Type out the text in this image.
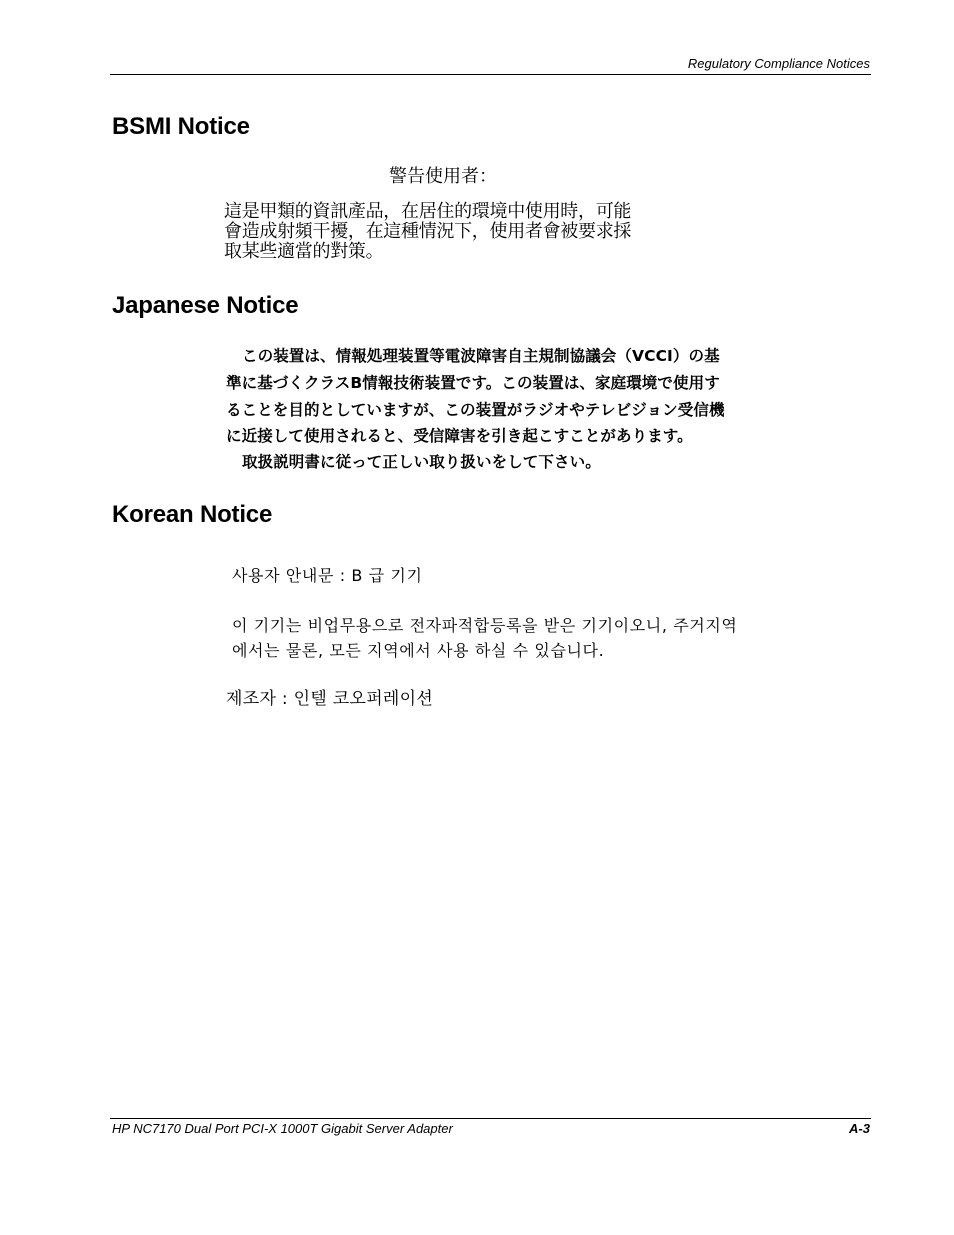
Regulatory Compliance Notices
BSMI Notice
警告使用者：
這是甲類的資訊產品，在居住的環境中使用時，可能
會造成射頻干擾，在這種情況下，使用者會被要求採
取某些適當的對策。
Japanese Notice
この装置は、情報処理装置等電波障害自主規制協議会（VCCI）の基
準に基づくクラスB情報技術装置です。この装置は、家庭環境で使用す
ることを目的としていますが、この装置がラジオやテレビジョン受信機
に近接して使用されると、受信障害を引き起こすことがあります。
取扱説明書に従って正しい取り扱いをして下さい。
Korean Notice
사용자 안내문 : B 급 기기
이 기기는 비업무용으로 전자파적합등록을 받은 기기이오니, 주거지역
에서는 물론, 모든 지역에서 사용 하실 수 있습니다.
제조자 : 인텔 코오퍼레이션
HP NC7170 Dual Port PCI-X 1000T Gigabit Server Adapter	A-3
